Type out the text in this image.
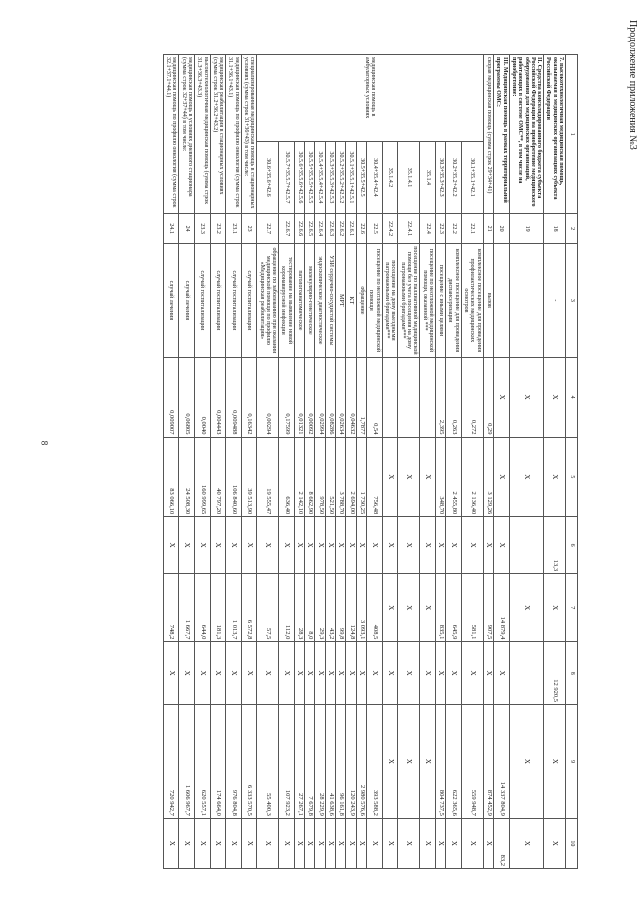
8
Продолжение приложения №3
1		2	3	4	5	6	7	8	9	10
7. высокотехнологичная медицинская помощь, оказываемая в медицинских организациях субъекта Российской Федерации		18	-	X	X	13,3	X	12 920,5	X	X
II. Средства консолидированного бюджета субъекта Российской Федерации на приобретение медицинского оборудования для медицинских организаций, работающих в системе ОМС**, в том числе на приобретение:		19		X	X		X		X	X
III. Медицинская помощь в рамках территориальной программы ОМС:		20		X	X	X	14 879,4	X	14 337 804,9	83,2
скорая медицинская помощь (сумма строк 29+34+41)		21	вызов	0,29	3 129,26	X	907,5	X	874 452,9	X
медицинская помощь в амбулаторных условиях	30.1+35.1+42.1	22.1	комплексное посещение для проведения профилактических медицинских осмотров	0,272	2 136,40	X	581,1	X	559 948,7	X
	30.2+35.2+42.2	22.2	комплексное посещение для проведения диспансеризации	0,263	2 455,80	X	645,9	X	622 365,6	X
	30.3+35.3+42.3	22.3	посещение с иными целями	2,395	348,70	X	835,1	X	804 737,5	X
	35.1.4	22.4	посещение по неотложной медицинской помощи, оказанной ***		X	X	X	X	X	X
	35.1.4.1	22.4.1	посещение по паллиативной медицинской помощи без учета посещения на дому патронажными бригадами***		X	X	X	X	X	X
	35.1.4.2	22.4.2	посещение на дому выездными патронажными бригадами***		X	X	X	X	X	X
	30.4+35.4+42.4	22.5	посещение по неотложной медицинской помощи	0,54	756,48	X	408,5	X	393 588,2	X
	30.5+35.5+42.5	22.6	обращение	1,7877	1 730,25	X	3 093,1	X	2 980 576,6	X
	30.5.1+35.5.1+42.5.1	22.6.1	КТ	0,04632	2 694,00	X	124,8	X	120 243,9	X
	30.5.2+35.5.2+42.5.2	22.6.2	МРТ	0,02634	3 788,70	X	99,8	X	96 161,8	X
	30.5.3+35.5.3+42.5.3	22.6.3	УЗИ сердечно-сосудистой системы	0,08286	521,50	X	43,2	X	41 638,6	X
	30.5.4+35.5.4+42.5.4	22.6.4	эндоскопическое диагностическое	0,02994	978,50	X	29,3	X	28 229,9	X
	30.5.5+35.5.5+42.5.5	22.6.5	молекулярно-генетическое	0,00092	8 662,90	X	8,0	X	7 679,8	X
	30.5.6+35.5.6+42.5.6	22.6.6	патологоанатомическое	0,01321	2 142,10	X	28,3	X	27 267,1	X
	30.5.7+35.5.7+42.5.7	22.6.7	тестирование на выявление новой коронавирусной инфекции	0,17599	636,40	X	112,0	X	107 923,2	X
	30.6+35.6+42.6	22.7	обращение по заболеванию при оказании медицинской помощи по профилю «Медицинская реабилитация»	0,00294	19 555,47	X	57,5	X	55 400,3	X
специализированная медицинская помощь в стационарных условиях (сумма строк 31+36+43) в том числе:		23	случай госпитализации	0,16342	39 513,90	X	6 572,8	X	6 333 570,5	X
медицинская помощь по профилю онкология (сумма строк 31.1+36.1+43.1)		23.1	случай госпитализации	0,009488	106 840,60	X	1 013,7	X	976 804,8	X
медицинская реабилитация в стационарных условиях (сумма строк 31.2+36.2+43.2)		23.2	случай госпитализации	0,004443	40 797,20	X	181,3	X	174 664,0	X
высокотехнологичная медицинская помощь (сумма строк 31.3+36.3+43.3)		23.3	случай госпитализации	0,0040	160 999,65	X	644,0	X	620 557,1	X
медицинская помощь в условиях дневного стационара (сумма строк 32+37+44) в том числе:		24	случай лечения	0,06805	24 508,30	X	1 667,7	X	1 606 967,7	X
медицинская помощь по профилю онкология (сумма строк 32.1+37.1+44.1)		24.1	случай лечения	0,009007	83 066,10	X	748,2	X	720 942,7	X
